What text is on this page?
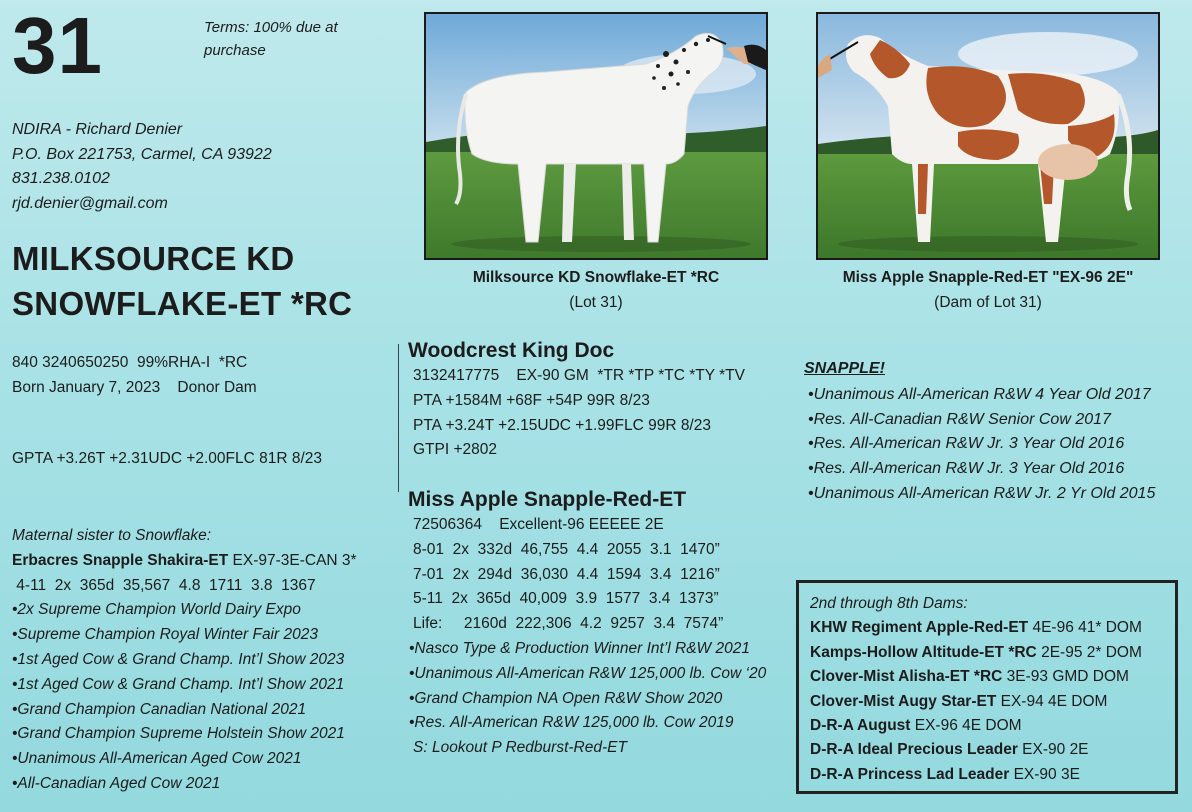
31	Terms: 100% due at purchase
NDIRA - Richard Denier
P.O. Box 221753, Carmel, CA 93922
831.238.0102
rjd.denier@gmail.com
MILKSOURCE KD
SNOWFLAKE-ET *RC
840 3240650250  99%RHA-I  *RC
Born January 7, 2023    Donor Dam
GPTA +3.26T +2.31UDC +2.00FLC 81R 8/23
Maternal sister to Snowflake:
Erbacres Snapple Shakira-ET EX-97-3E-CAN 3*
4-11  2x  365d  35,567  4.8  1711  3.8  1367
•2x Supreme Champion World Dairy Expo
•Supreme Champion Royal Winter Fair 2023
•1st Aged Cow & Grand Champ. Int’l Show 2023
•1st Aged Cow & Grand Champ. Int’l Show 2021
•Grand Champion Canadian National 2021
•Grand Champion Supreme Holstein Show 2021
•Unanimous All-American Aged Cow 2021
•All-Canadian Aged Cow 2021
Milksource KD Snowflake-ET *RC
(Lot 31)
Miss Apple Snapple-Red-ET "EX-96 2E"
(Dam of Lot 31)
Woodcrest King Doc
3132417775    EX-90 GM  *TR *TP *TC *TY *TV
PTA +1584M +68F +54P 99R 8/23
PTA +3.24T +2.15UDC +1.99FLC 99R 8/23
GTPI +2802
Miss Apple Snapple-Red-ET
72506364    Excellent-96 EEEEE 2E
8-01  2x  332d  46,755  4.4  2055  3.1  1470”
7-01  2x  294d  36,030  4.4  1594  3.4  1216”
5-11  2x  365d  40,009  3.9  1577  3.4  1373”
Life:     2160d  222,306  4.2  9257  3.4  7574”
•Nasco Type & Production Winner Int’l R&W 2021
•Unanimous All-American R&W 125,000 lb. Cow ‘20
•Grand Champion NA Open R&W Show 2020
•Res. All-American R&W 125,000 lb. Cow 2019
S: Lookout P Redburst-Red-ET
SNAPPLE!
•Unanimous All-American R&W 4 Year Old 2017
•Res. All-Canadian R&W Senior Cow 2017
•Res. All-American R&W Jr. 3 Year Old 2016
•Res. All-American R&W Jr. 3 Year Old 2016
•Unanimous All-American R&W Jr. 2 Yr Old 2015
2nd through 8th Dams:
KHW Regiment Apple-Red-ET 4E-96 41* DOM
Kamps-Hollow Altitude-ET *RC 2E-95 2* DOM
Clover-Mist Alisha-ET *RC 3E-93 GMD DOM
Clover-Mist Augy Star-ET EX-94 4E DOM
D-R-A August EX-96 4E DOM
D-R-A Ideal Precious Leader EX-90 2E
D-R-A Princess Lad Leader EX-90 3E
